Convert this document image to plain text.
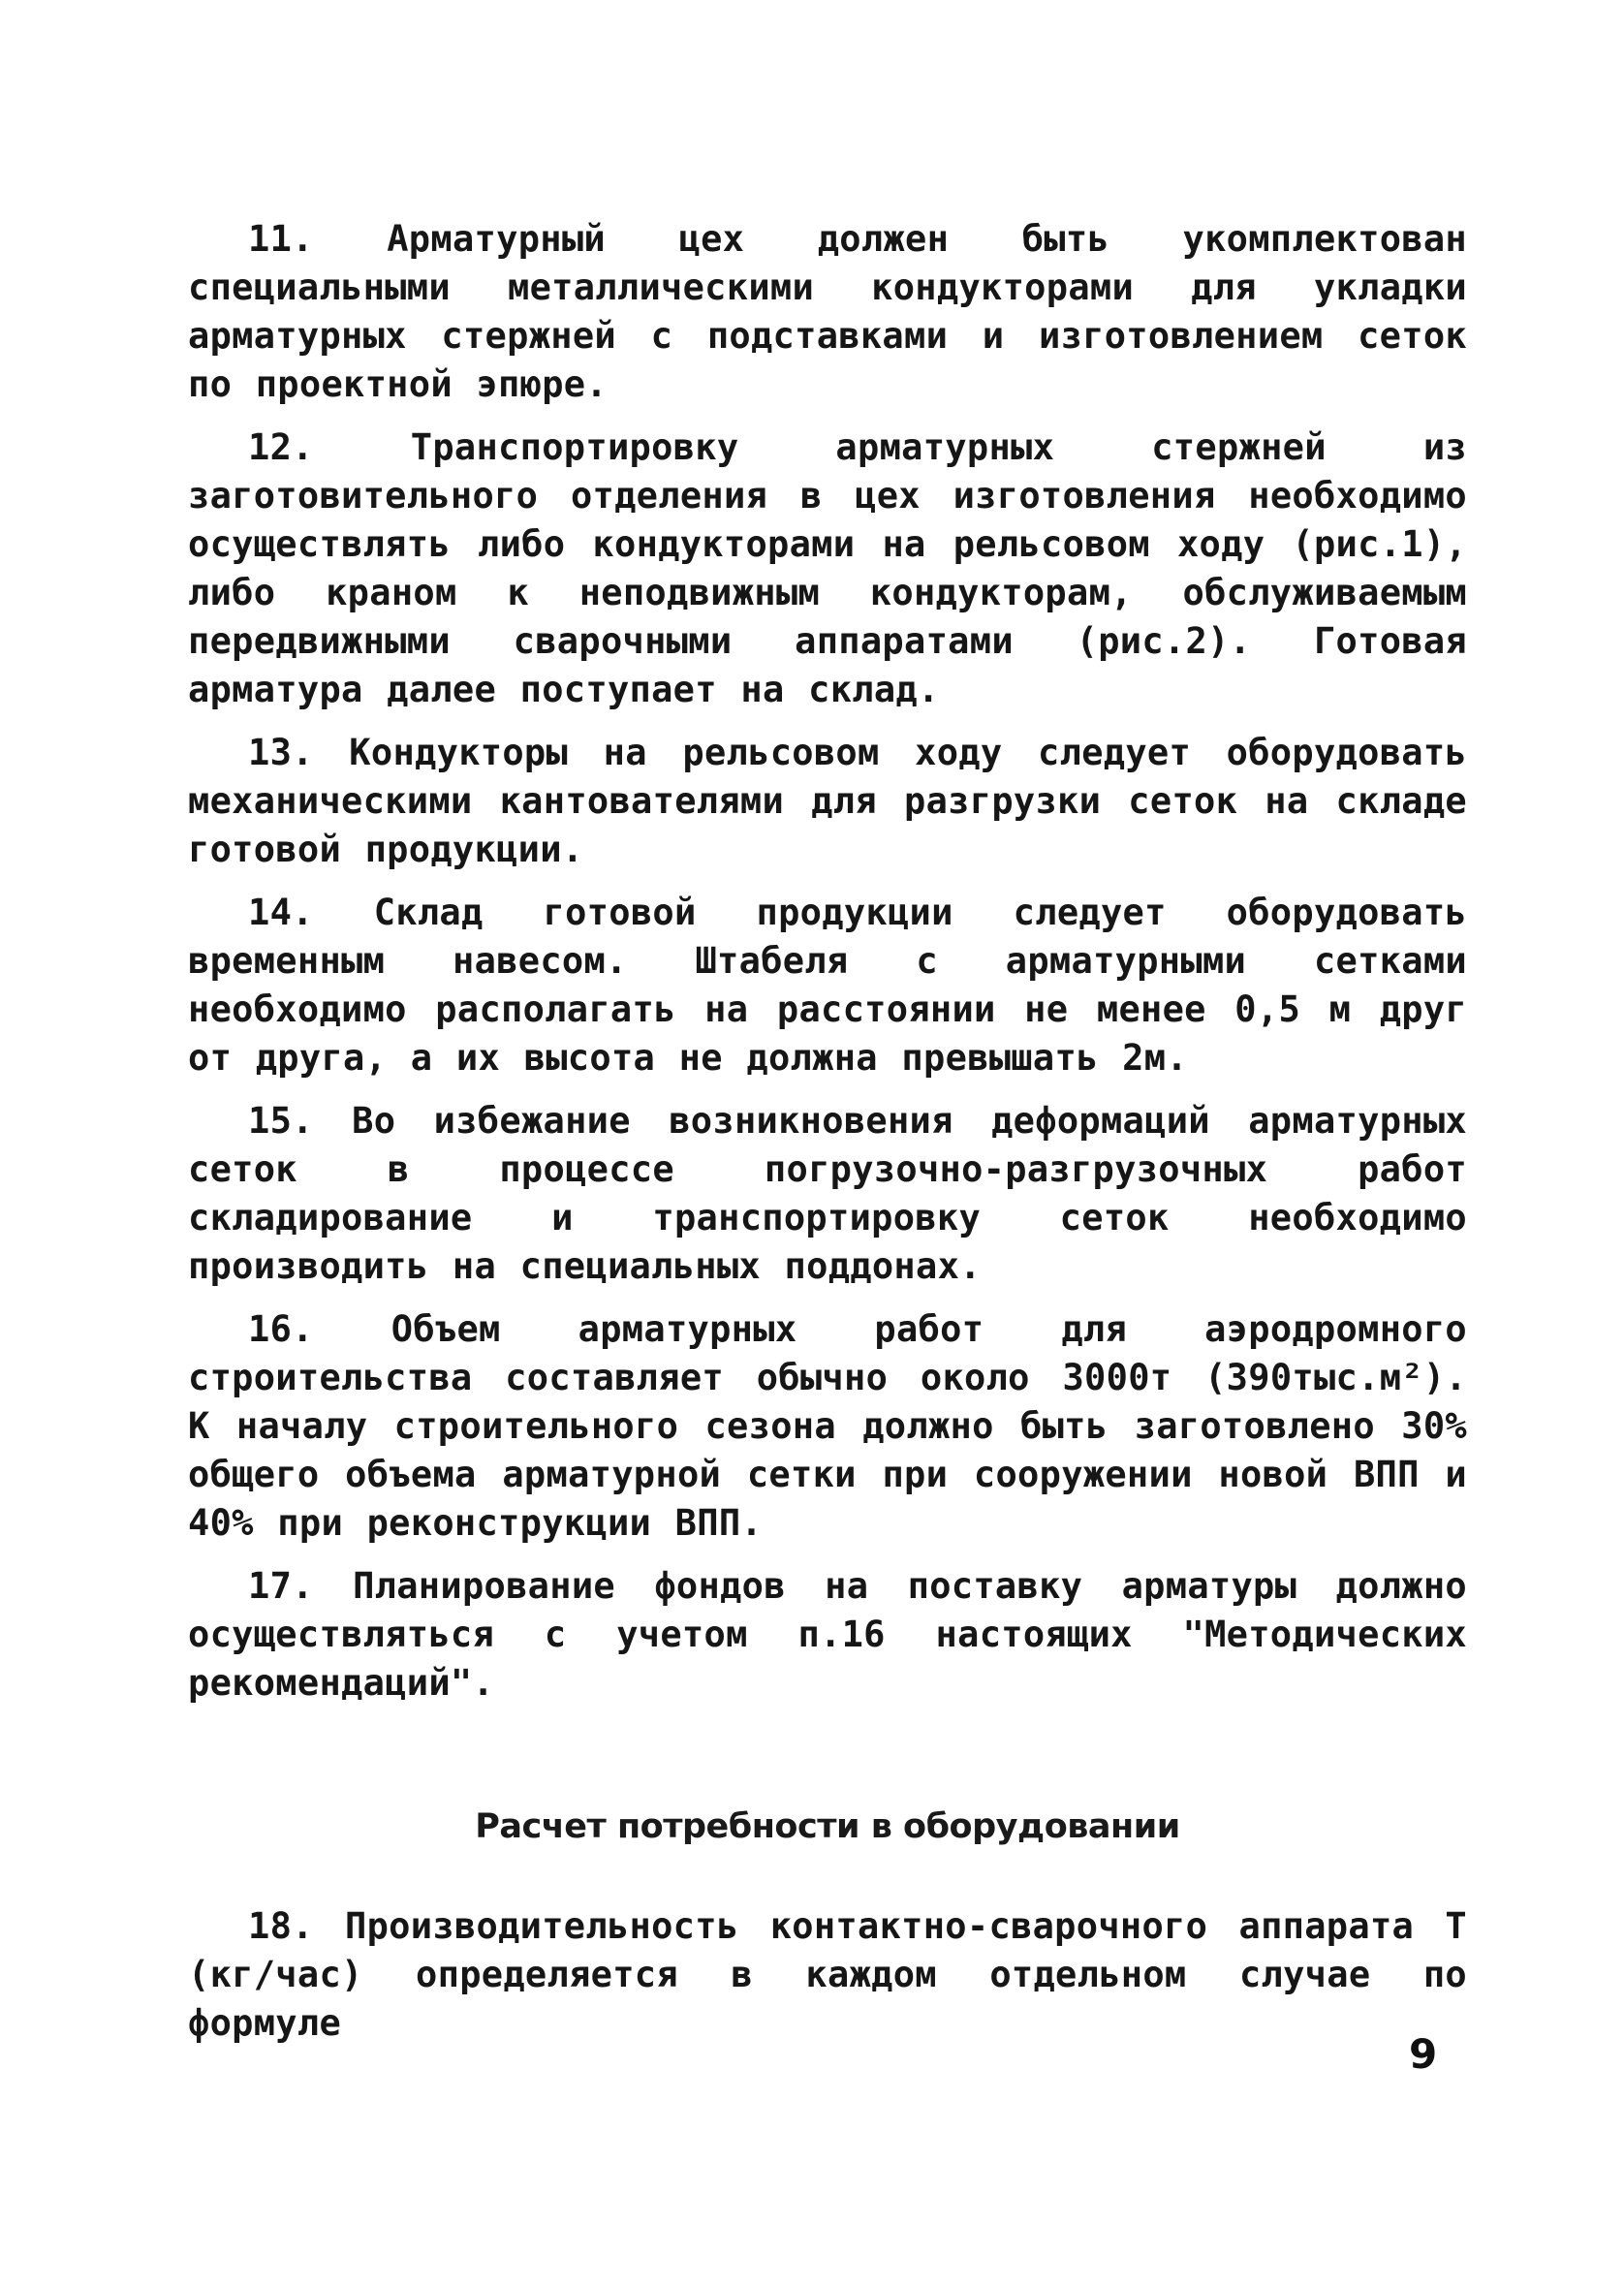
11. Арматурный цех должен быть укомплектован специальными металлическими кондукторами для укладки арматурных стержней с подставками и изготовлением сеток по проектной эпюре.

12. Транспортировку арматурных стержней из заготовительного отделения в цех изготовления необходимо осуществлять либо кондукторами на рельсовом ходу (рис.1), либо краном к неподвижным кондукторам, обслуживаемым передвижными сварочными аппаратами (рис.2). Готовая арматура далее поступает на склад.

13. Кондукторы на рельсовом ходу следует оборудовать механическими кантователями для разгрузки сеток на складе готовой продукции.

14. Склад готовой продукции следует оборудовать временным навесом. Штабеля с арматурными сетками необходимо располагать на расстоянии не менее 0,5 м друг от друга, а их высота не должна превышать 2м.

15. Во избежание возникновения деформаций арматурных сеток в процессе погрузочно-разгрузочных работ складирование и транспортировку сеток необходимо производить на специальных поддонах.

16. Объем арматурных работ для аэродромного строительства составляет обычно около 3000т (390тыс.м²). К началу строительного сезона должно быть заготовлено 30% общего объема арматурной сетки при сооружении новой ВПП и 40% при реконструкции ВПП.

17. Планирование фондов на поставку арматуры должно осуществляться с учетом п.16 настоящих "Методических рекомендаций".

Расчет потребности в оборудовании

18. Производительность контактно-сварочного аппарата Т (кг/час) определяется в каждом отдельном случае по формуле

9
